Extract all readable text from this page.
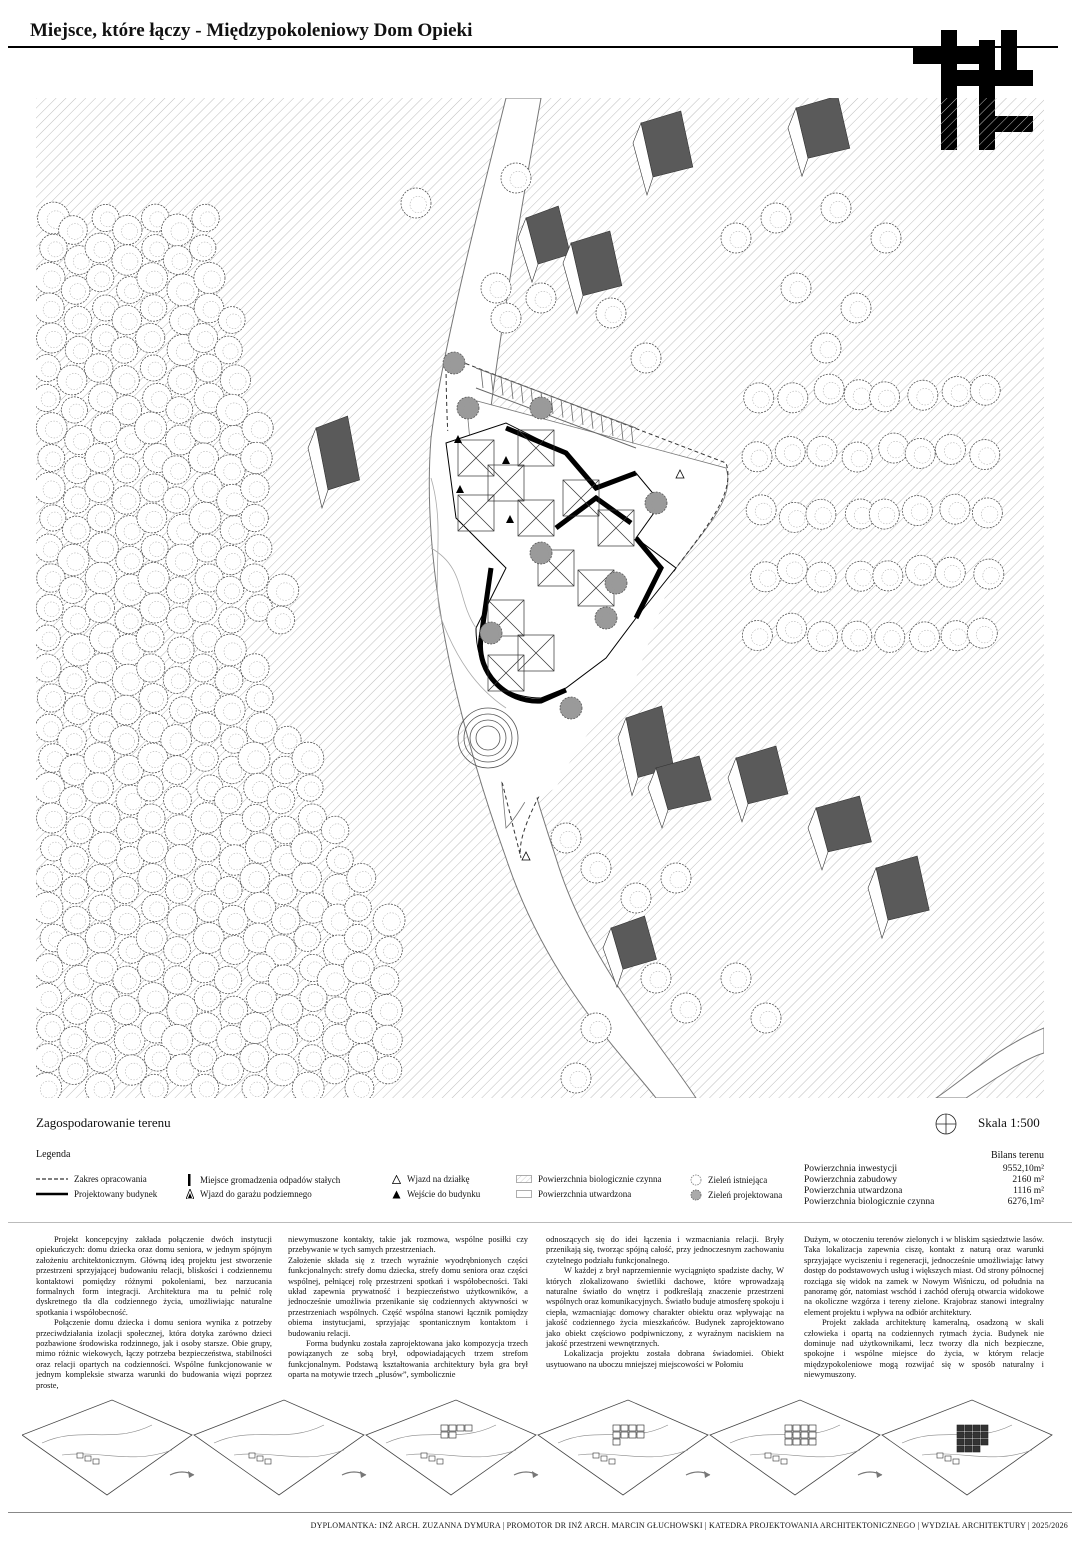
Miejsce, które łączy - Międzypokoleniowy Dom Opieki
Zagospodarowanie terenu	Skala 1:500
Legenda
Zakres opracowania
Projektowany budynek
Miejsce gromadzenia odpadów stałych
Wjazd do garażu podziemnego
Wjazd na działkę
Wejście do budynku
Powierzchnia biologicznie czynna
Powierzchnia utwardzona
Zieleń istniejąca
Zieleń projektowana
Bilans terenu
Powierzchnia inwestycji	9552,10m²
Powierzchnia zabudowy	2160 m²
Powierzchnia utwardzona	1116 m²
Powierzchnia biologicznie czynna	6276,1m²

Projekt koncepcyjny zakłada połączenie dwóch instytucji opiekuńczych: domu dziecka oraz domu seniora, w jednym spójnym założeniu architektonicznym. Główną ideą projektu jest stworzenie przestrzeni sprzyjającej budowaniu relacji, bliskości i codziennemu kontaktowi pomiędzy różnymi pokoleniami, bez narzucania formalnych form integracji. Architektura ma tu pełnić rolę dyskretnego tła dla codziennego życia, umożliwiając naturalne spotkania i współobecność.

Połączenie domu dziecka i domu seniora wynika z potrzeby przeciwdziałania izolacji społecznej, która dotyka zarówno dzieci pozbawione środowiska rodzinnego, jak i osoby starsze. Obie grupy, mimo różnic wiekowych, łączy potrzeba bezpieczeństwa, stabilności oraz relacji opartych na codzienności. Wspólne funkcjonowanie w jednym kompleksie stwarza warunki do budowania więzi poprzez proste,

niewymuszone kontakty, takie jak rozmowa, wspólne posiłki czy przebywanie w tych samych przestrzeniach.

Założenie składa się z trzech wyraźnie wyodrębnionych części funkcjonalnych: strefy domu dziecka, strefy domu seniora oraz części wspólnej, pełniącej rolę przestrzeni spotkań i współobecności. Taki układ zapewnia prywatność i bezpieczeństwo użytkowników, a jednocześnie umożliwia przenikanie się codziennych aktywności w przestrzeniach wspólnych. Część wspólna stanowi łącznik pomiędzy obiema instytucjami, sprzyjając spontanicznym kontaktom i budowaniu relacji.

Forma budynku została zaprojektowana jako kompozycja trzech powiązanych ze sobą brył, odpowiadających trzem strefom funkcjonalnym. Podstawą kształtowania architektury była gra brył oparta na motywie trzech „plusów”, symbolicznie

odnoszących się do idei łączenia i wzmacniania relacji. Bryły przenikają się, tworząc spójną całość, przy jednoczesnym zachowaniu czytelnego podziału funkcjonalnego.

W każdej z brył naprzemiennie wyciągnięto spadziste dachy, W których zlokalizowano świetliki dachowe, które wprowadzają naturalne światło do wnętrz i podkreślają znaczenie przestrzeni wspólnych oraz komunikacyjnych. Światło buduje atmosferę spokoju i ciepła, wzmacniając domowy charakter obiektu oraz wpływając na jakość codziennego życia mieszkańców. Budynek zaprojektowano jako obiekt częściowo podpiwniczony, z wyraźnym naciskiem na jakość przestrzeni wewnętrznych.

Lokalizacja projektu została dobrana świadomiei. Obiekt usytuowano na uboczu mniejszej miejscowości w Połomiu

Dużym, w otoczeniu terenów zielonych i w bliskim sąsiedztwie lasów. Taka lokalizacja zapewnia ciszę, kontakt z naturą oraz warunki sprzyjające wyciszeniu i regeneracji, jednocześnie umożliwiając łatwy dostęp do podstawowych usług i większych miast. Od strony północnej rozciąga się widok na zamek w Nowym Wiśniczu, od południa na panoramę gór, natomiast wschód i zachód oferują otwarcia widokowe na okoliczne wzgórza i tereny zielone. Krajobraz stanowi integralny element projektu i wpływa na odbiór architektury.

Projekt zakłada architekturę kameralną, osadzoną w skali człowieka i opartą na codziennych rytmach życia. Budynek nie dominuje nad użytkownikami, lecz tworzy dla nich bezpieczne, spokojne i wspólne miejsce do życia, w którym relacje międzypokoleniowe mogą rozwijać się w sposób naturalny i niewymuszony.

DYPLOMANTKA: INŻ ARCH. ZUZANNA DYMURA | PROMOTOR DR INŻ ARCH. MARCIN GŁUCHOWSKI | KATEDRA PROJEKTOWANIA ARCHITEKTONICZNEGO | WYDZIAŁ ARCHITEKTURY | 2025/2026
